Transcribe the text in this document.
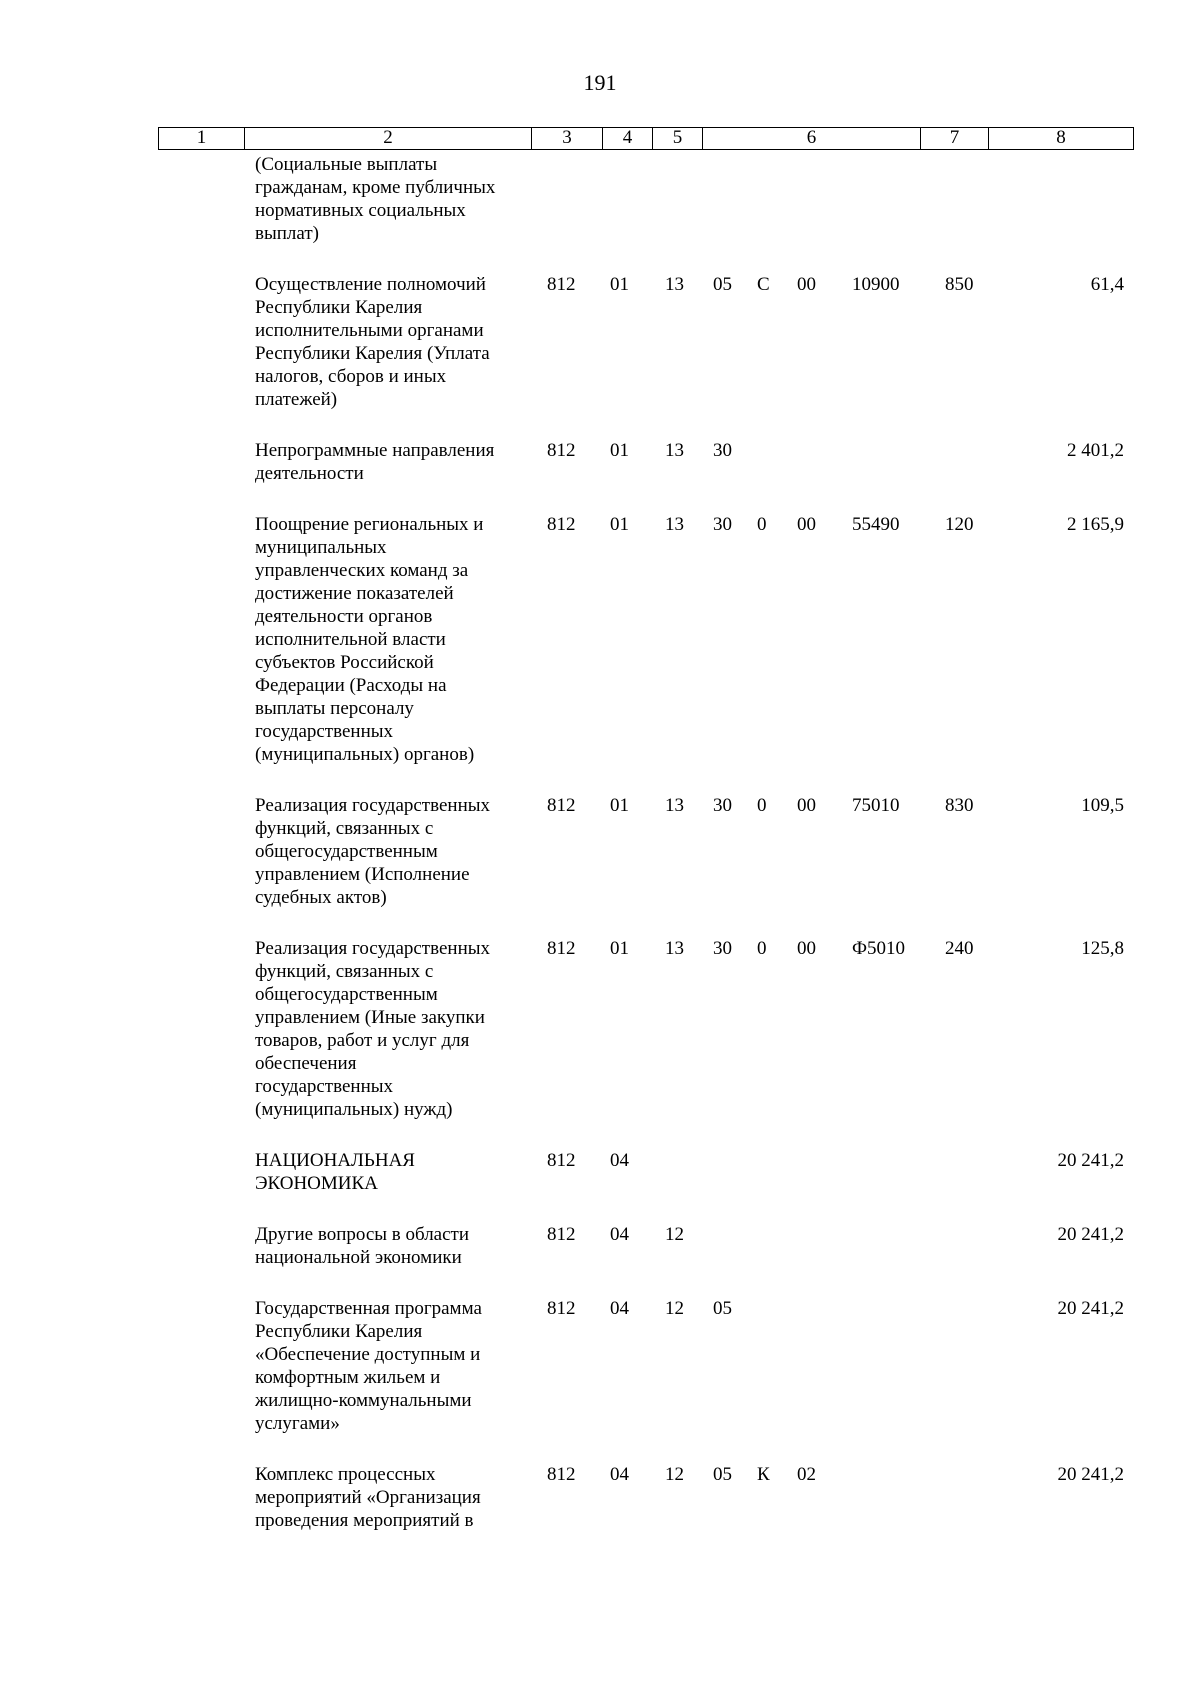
191
1	2	3	4	5	6	7	8
(Социальные выплаты
гражданам, кроме публичных
нормативных социальных
выплат)
Осуществление полномочий
Республики Карелия
исполнительными органами
Республики Карелия (Уплата
налогов, сборов и иных
платежей)
812 01 13 05 С 00 10900 850	61,4
Непрограммные направления
деятельности
812 01 13 30	2 401,2
Поощрение региональных и
муниципальных
управленческих команд за
достижение показателей
деятельности органов
исполнительной власти
субъектов Российской
Федерации (Расходы на
выплаты персоналу
государственных
(муниципальных) органов)
812 01 13 30 0 00 55490 120	2 165,9
Реализация государственных
функций, связанных с
общегосударственным
управлением (Исполнение
судебных актов)
812 01 13 30 0 00 75010 830	109,5
Реализация государственных
функций, связанных с
общегосударственным
управлением (Иные закупки
товаров, работ и услуг для
обеспечения
государственных
(муниципальных) нужд)
812 01 13 30 0 00 Ф5010 240	125,8
НАЦИОНАЛЬНАЯ
ЭКОНОМИКА
812 04	20 241,2
Другие вопросы в области
национальной экономики
812 04 12	20 241,2
Государственная программа
Республики Карелия
«Обеспечение доступным и
комфортным жильем и
жилищно-коммунальными
услугами»
812 04 12 05	20 241,2
Комплекс процессных
мероприятий «Организация
проведения мероприятий в
812 04 12 05 К 02	20 241,2
